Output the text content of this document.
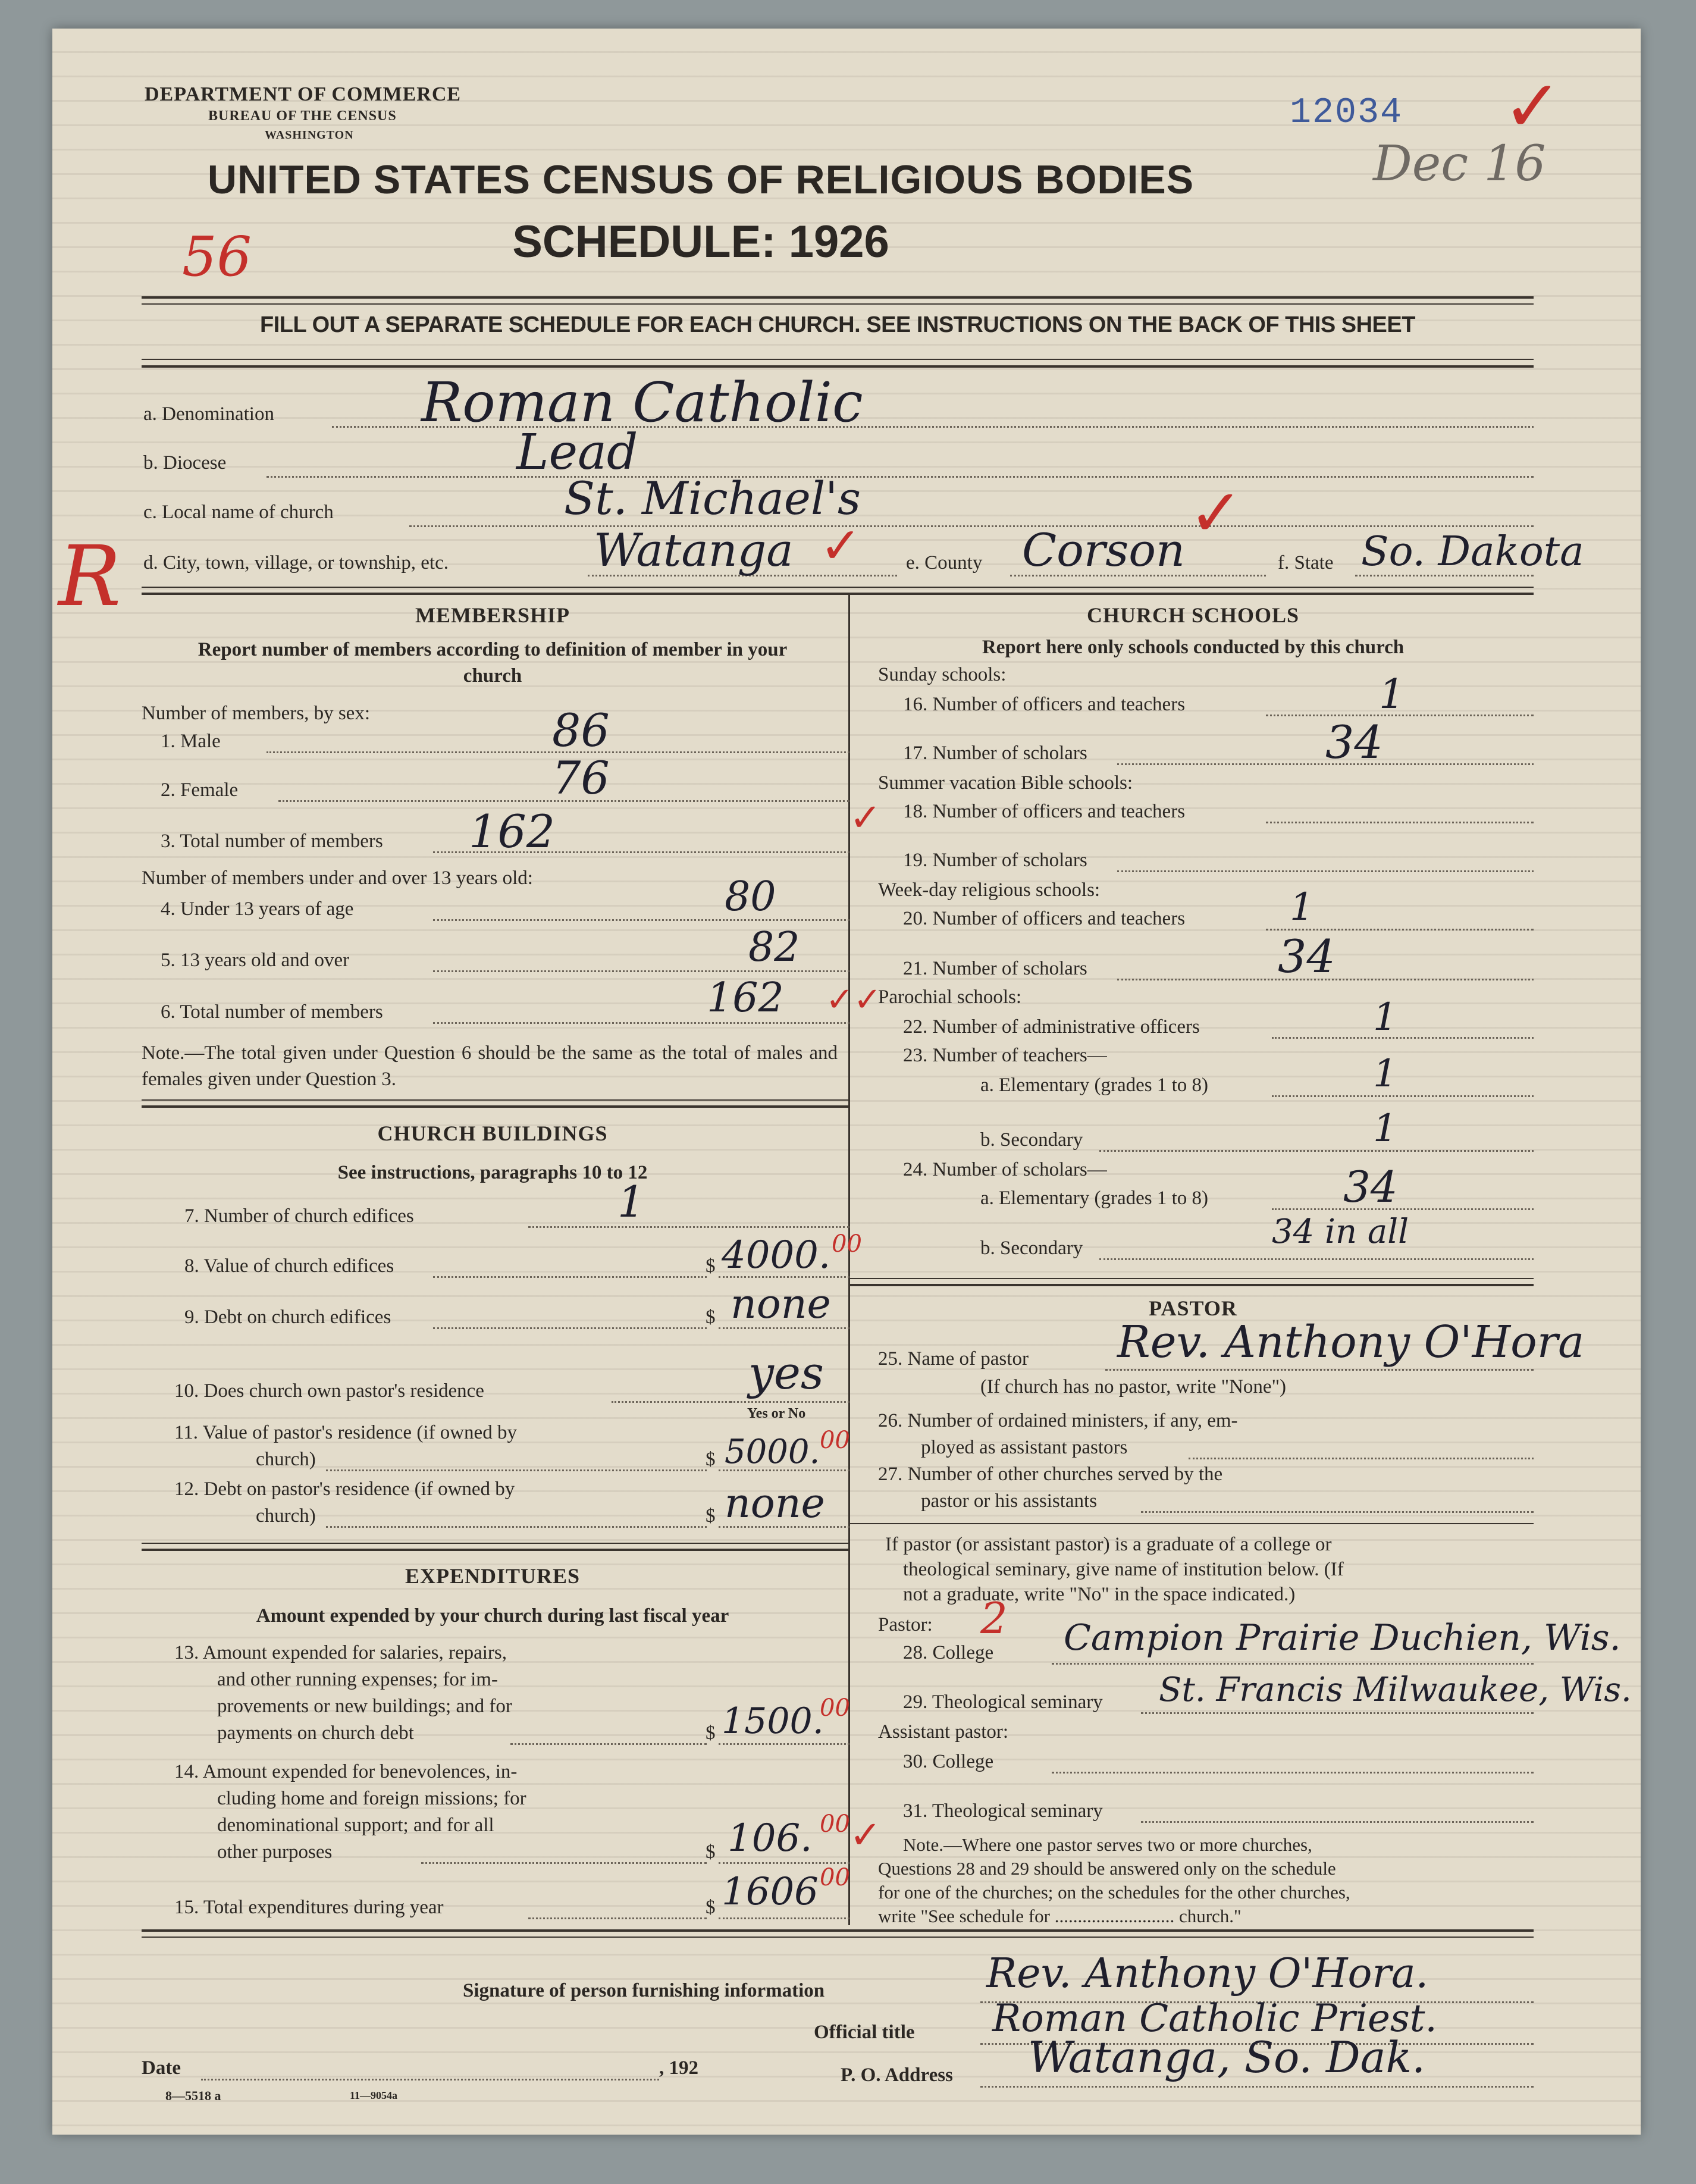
DEPARTMENT OF COMMERCE
BUREAU OF THE CENSUS
WASHINGTON
12034 ✓
Dec 16
56
R
UNITED STATES CENSUS OF RELIGIOUS BODIES
SCHEDULE: 1926
FILL OUT A SEPARATE SCHEDULE FOR EACH CHURCH. SEE INSTRUCTIONS ON THE BACK OF THIS SHEET
a. Denomination	Roman Catholic
b. Diocese	Lead
c. Local name of church	St. Michael's
d. City, town, village, or township, etc.	Watanga ✓ e. County Corson ✓
f. State So. Dakota
MEMBERSHIP
Report number of members according to definition of member in your church
Number of members, by sex:
1. Male	86
2. Female	76
3. Total number of members 162
Number of members under and over 13 years old:
4. Under 13 years of age	80
5. 13 years old and over	82
6. Total number of members	162 ✓✓
✓
Note.—The total given under Question 6 should be the same as the total of males and females given under Question 3.
CHURCH BUILDINGS
See instructions, paragraphs 10 to 12
7. Number of church edifices	1
8. Value of church edifices	$ 4000. 00
9. Debt on church edifices	$ none
10. Does church own pastor's residence	yes
Yes or No
11. Value of pastor's residence (if owned by
church)	$ 5000. 00
12. Debt on pastor's residence (if owned by
church)	$ none
EXPENDITURES
Amount expended by your church during last fiscal year
13. Amount expended for salaries, repairs,
and other running expenses; for im-
provements or new buildings; and for
payments on church debt	$ 1500.
00
14. Amount expended for benevolences, in-
cluding home and foreign missions; for
denominational support; and for all
other purposes	$ 106. 00 ✓
15. Total expenditures during year	$ 1606 00
CHURCH SCHOOLS
Report here only schools conducted by this church
Sunday schools:
16. Number of officers and teachers	1
17. Number of scholars	34
Summer vacation Bible schools:
18. Number of officers and teachers
19. Number of scholars
Week-day religious schools:
20. Number of officers and teachers	1
21. Number of scholars	34
Parochial schools:
22. Number of administrative officers	1
23. Number of teachers—
a. Elementary (grades 1 to 8)	1
b. Secondary	1
24. Number of scholars—
a. Elementary (grades 1 to 8)	34
b. Secondary	34 in all
PASTOR
25. Name of pastor Rev. Anthony O'Hora
(If church has no pastor, write "None")
26. Number of ordained ministers, if any, em-
ployed as assistant pastors
27. Number of other churches served by the
pastor or his assistants
If pastor (or assistant pastor) is a graduate of a college or
theological seminary, give name of institution below. (If
not a graduate, write "No" in the space indicated.)
Pastor: 2
28. College Campion Prairie Duchien, Wis.
29. Theological seminary St. Francis Milwaukee, Wis.
Assistant pastor:
30. College
31. Theological seminary
Note.—Where one pastor serves two or more churches,
Questions 28 and 29 should be answered only on the schedule
for one of the churches; on the schedules for the other churches,
write "See schedule for .......................... church."
Signature of person furnishing information	Rev. Anthony O'Hora.
Official title Roman Catholic Priest.
Date	, 192	P. O. Address Watanga, So. Dak.
8—5518 a	11—9054a
